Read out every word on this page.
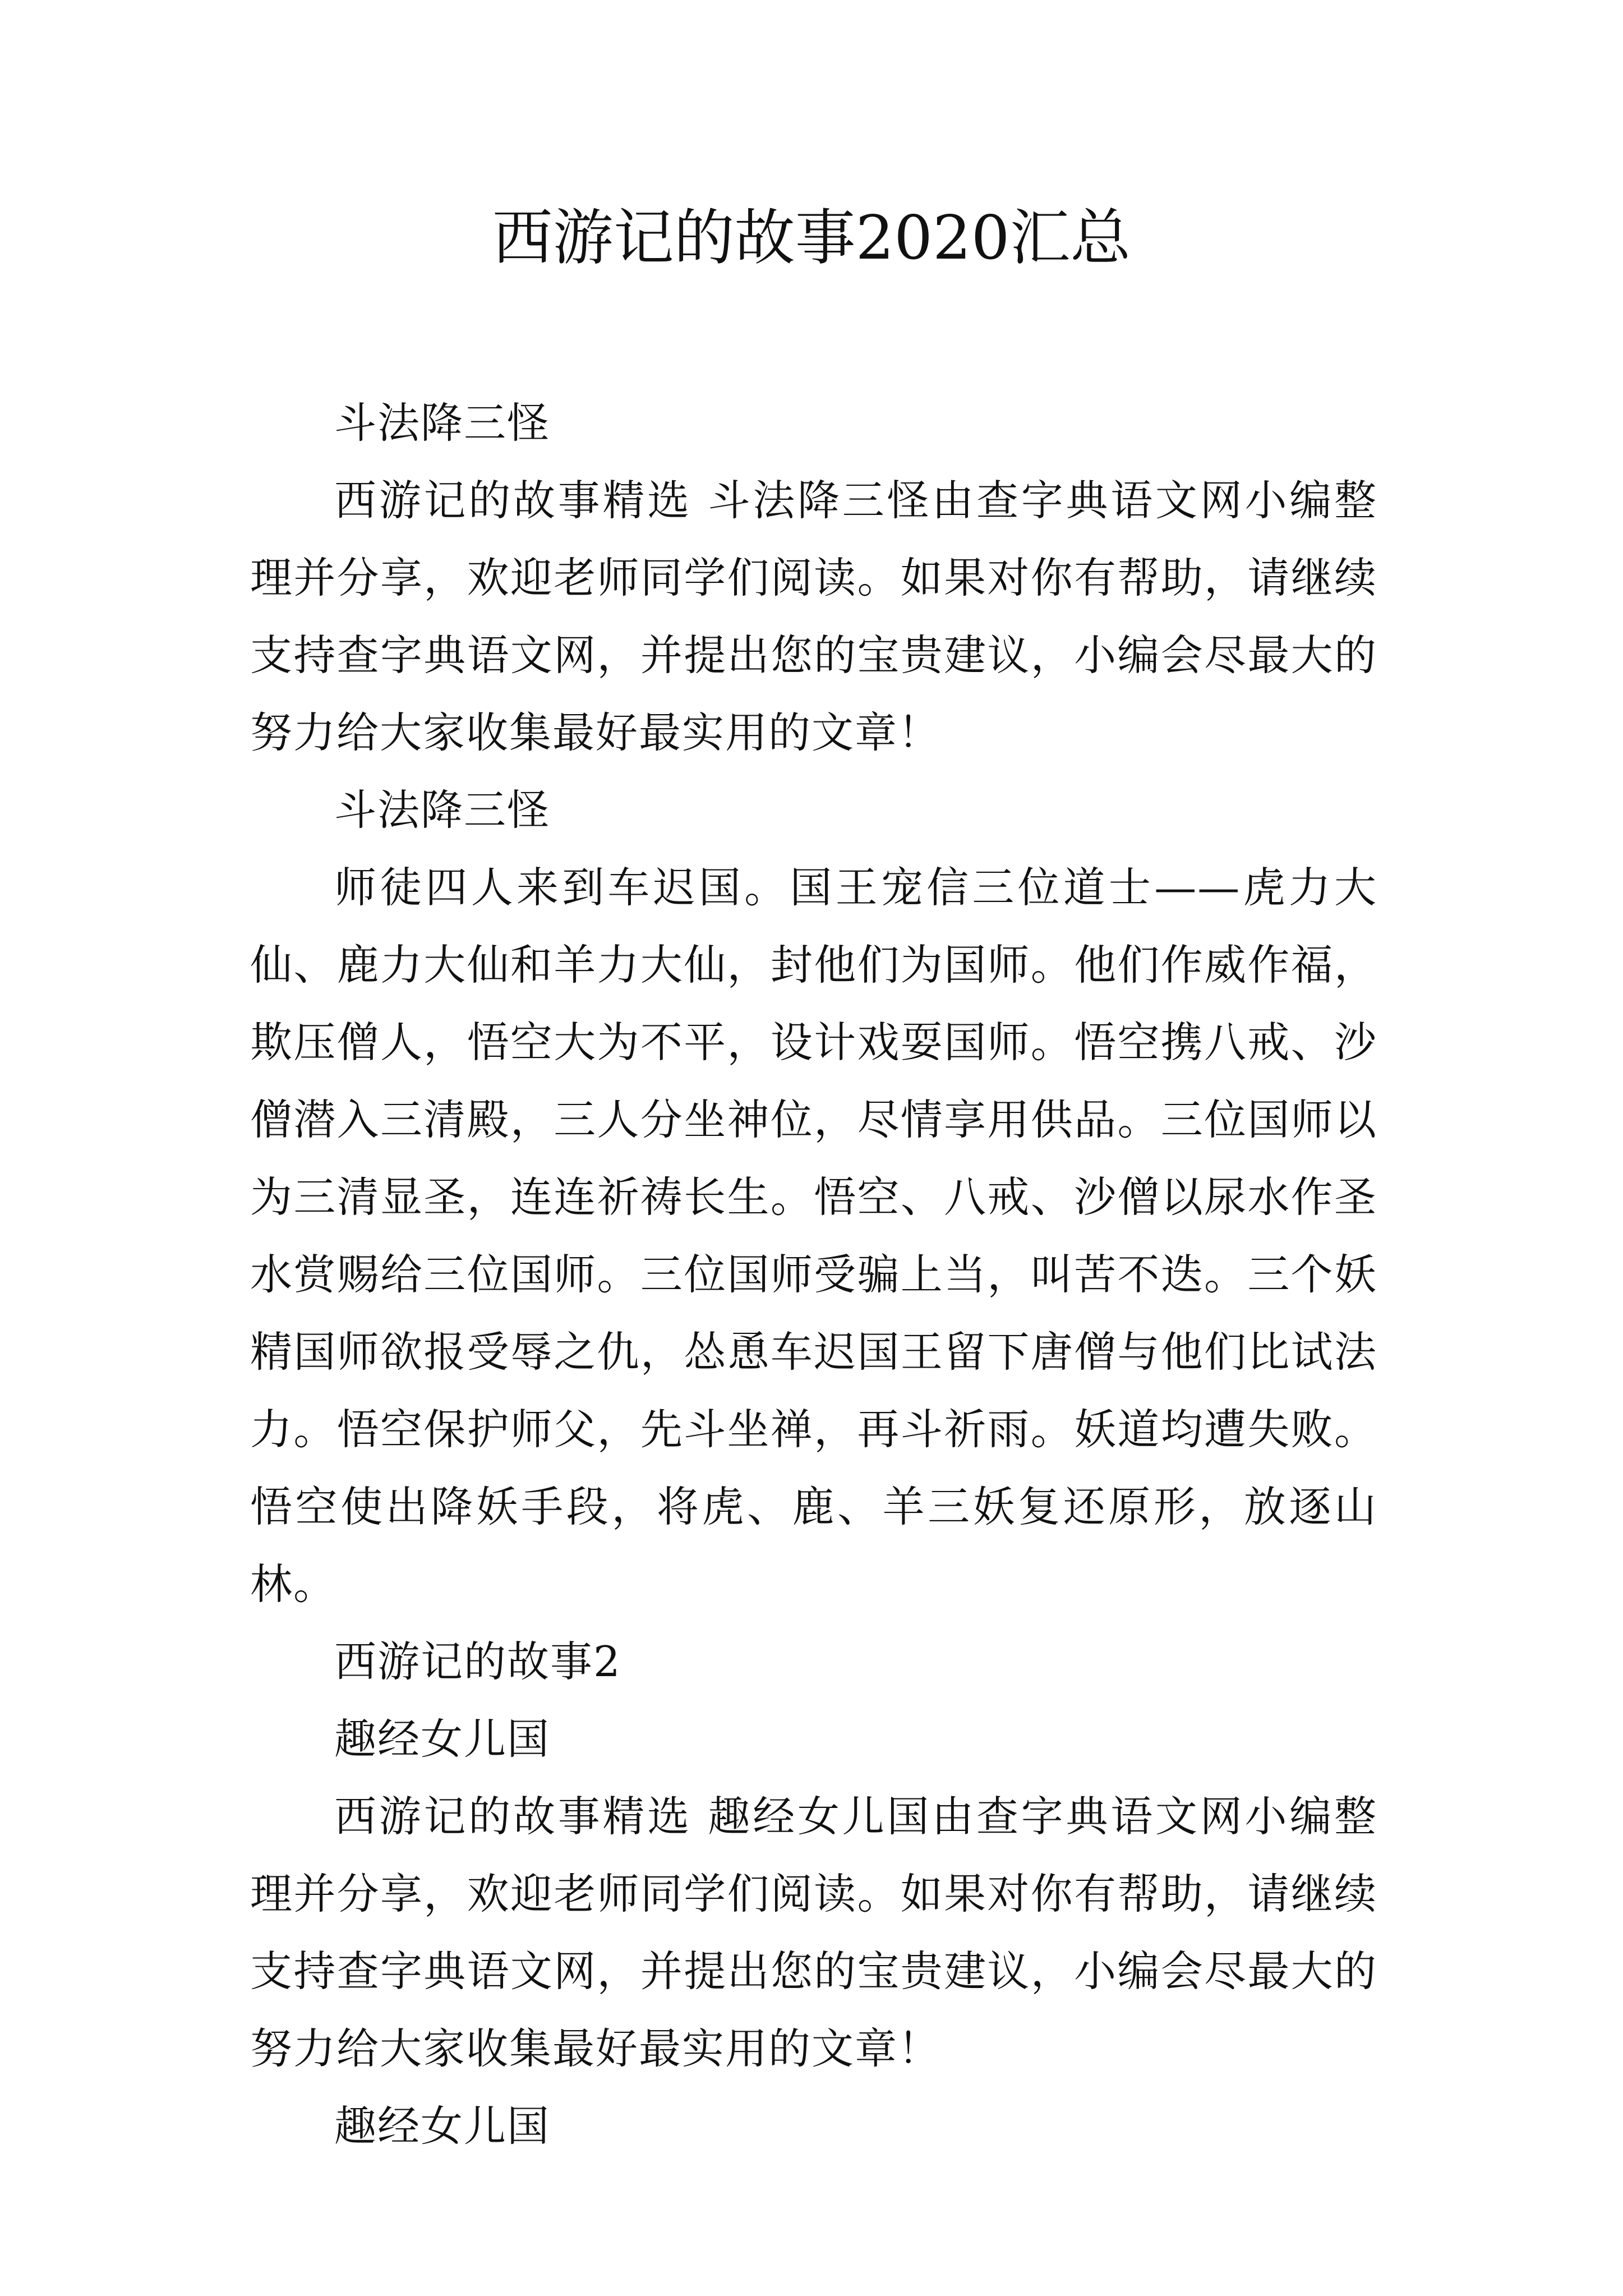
西游记的故事2020汇总

斗法降三怪

西游记的故事精选 斗法降三怪由查字典语文网小编整理并分享，欢迎老师同学们阅读。如果对你有帮助，请继续支持查字典语文网，并提出您的宝贵建议，小编会尽最大的努力给大家收集最好最实用的文章！

斗法降三怪

师徒四人来到车迟国。国王宠信三位道士——虎力大仙、鹿力大仙和羊力大仙，封他们为国师。他们作威作福，欺压僧人，悟空大为不平，设计戏耍国师。悟空携八戒、沙僧潜入三清殿，三人分坐神位，尽情享用供品。三位国师以为三清显圣，连连祈祷长生。悟空、八戒、沙僧以尿水作圣水赏赐给三位国师。三位国师受骗上当，叫苦不迭。三个妖精国师欲报受辱之仇，怂恿车迟国王留下唐僧与他们比试法力。悟空保护师父，先斗坐禅，再斗祈雨。妖道均遭失败。悟空使出降妖手段，将虎、鹿、羊三妖复还原形，放逐山林。

西游记的故事2

趣经女儿国

西游记的故事精选 趣经女儿国由查字典语文网小编整理并分享，欢迎老师同学们阅读。如果对你有帮助，请继续支持查字典语文网，并提出您的宝贵建议，小编会尽最大的努力给大家收集最好最实用的文章！

趣经女儿国
